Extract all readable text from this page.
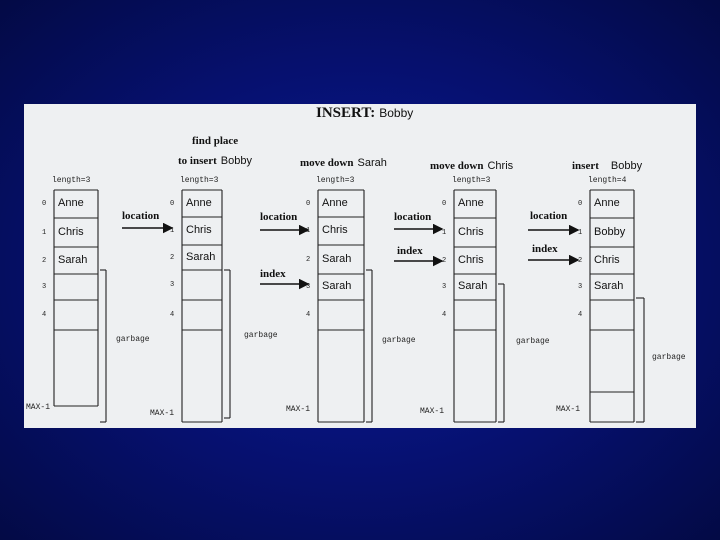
INSERT: Bobby
find place
to insert Bobby	move down Sarah	move down Chris	insert Bobby
location	location
index
location
index
location
index
garbage	garbage
garbage	garbage
garbage
MAX-1
MAX-1	MAX-1	MAX-1	MAX-1
length=3
0 Anne
1 Chris
2 Sarah
3
4
length=3
0 Anne
1 Chris
2 Sarah
3
4
length=3
0 Anne
1 Chris
2 Sarah
3 Sarah
4
length=3
0 Anne
1 Chris
2 Chris
3 Sarah
4
length=4
0 Anne
1 Bobby
2 Chris
3 Sarah
4
